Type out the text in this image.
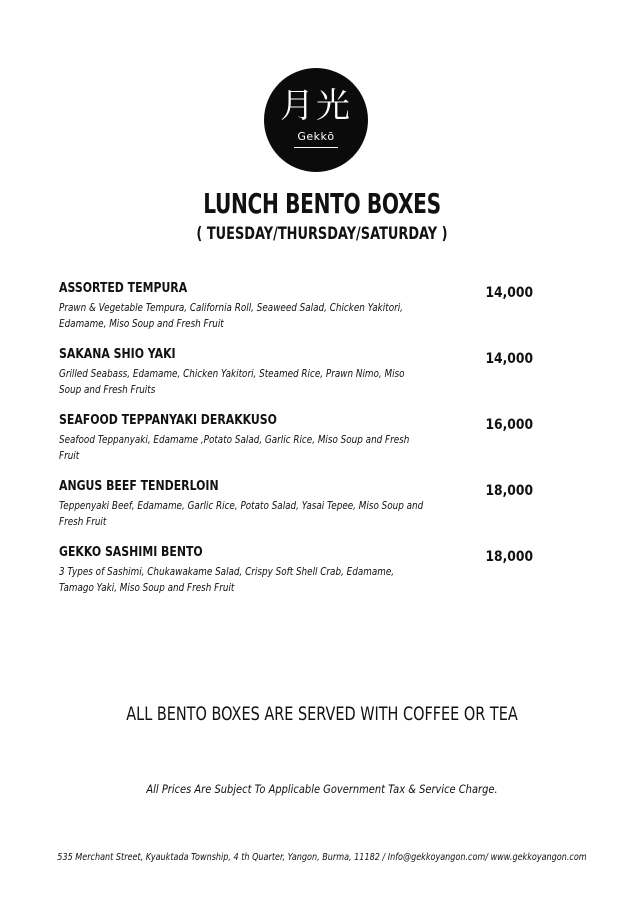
月光
Gekkō
LUNCH BENTO BOXES
( TUESDAY/THURSDAY/SATURDAY )
ASSORTED TEMPURA
Prawn & Vegetable Tempura, California Roll, Seaweed Salad, Chicken Yakitori, Edamame, Miso Soup and Fresh Fruit
14,000
SAKANA SHIO YAKI
Grilled Seabass, Edamame, Chicken Yakitori, Steamed Rice, Prawn Nimo, Miso Soup and Fresh Fruits
14,000
SEAFOOD TEPPANYAKI DERAKKUSO
Seafood Teppanyaki, Edamame ,Potato Salad, Garlic Rice, Miso Soup and Fresh Fruit
16,000
ANGUS BEEF TENDERLOIN
Teppenyaki Beef, Edamame, Garlic Rice, Potato Salad, Yasai Tepee, Miso Soup and Fresh Fruit
18,000
GEKKO SASHIMI BENTO
3 Types of Sashimi, Chukawakame Salad, Crispy Soft Shell Crab, Edamame, Tamago Yaki, Miso Soup and Fresh Fruit
18,000
ALL BENTO BOXES ARE SERVED WITH COFFEE OR TEA
All Prices Are Subject To Applicable Government Tax & Service Charge.
535 Merchant Street, Kyauktada Township, 4 th Quarter, Yangon, Burma, 11182 / Info@gekkoyangon.com/ www.gekkoyangon.com
